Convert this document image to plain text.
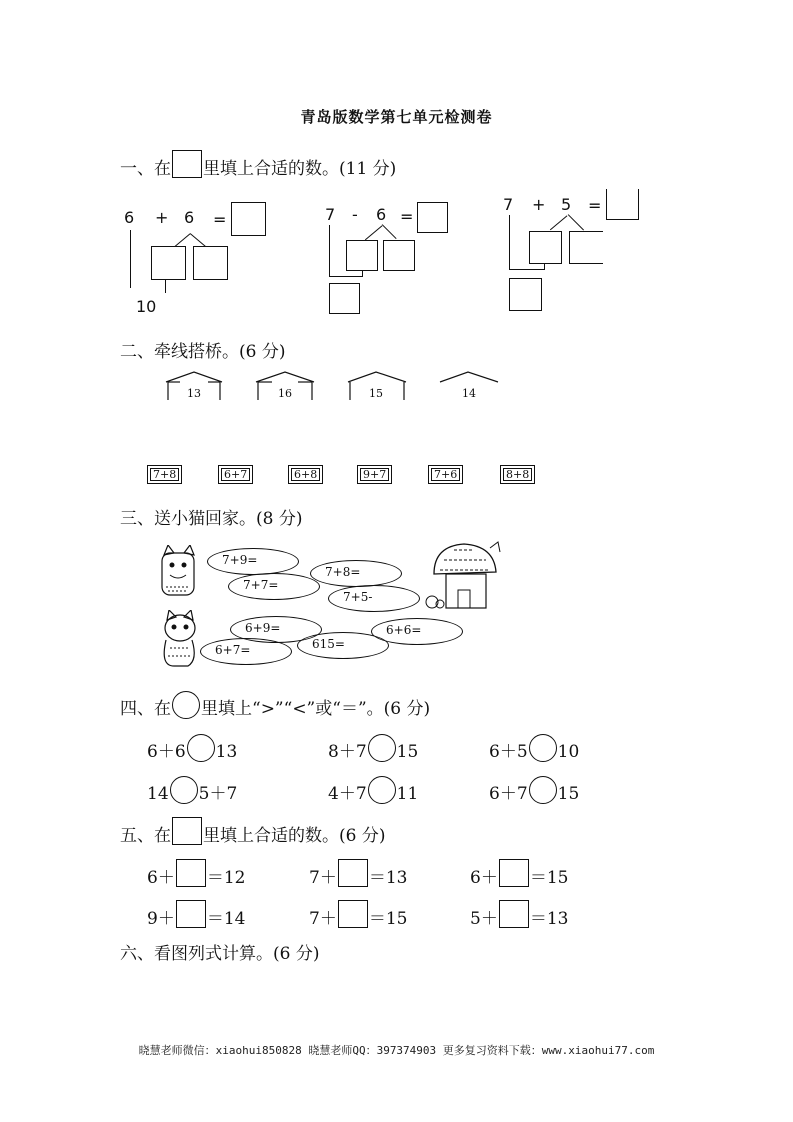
青岛版数学第七单元检测卷
一、在 里填上合适的数。(11 分)
6 + 6 =
10
7 - 6 =
7 + 5 =
二、牵线搭桥。(6 分)
13	16	15	14
7+8	6+7	6+8	9+7	7+6	8+8
三、送小猫回家。(8 分)
7+9=
7+7=
7+8=
7+5-
6+9=
6+7=	615=
6+6=
四、在 里填上“>”“<”或“＝”。(6 分)
6＋6 13	8＋7 15	6＋5 10
14 5＋7	4＋7 11	6＋7 15
五、在 里填上合适的数。(6 分)
6＋ ＝12	7＋ ＝13	6＋ ＝15
9＋ ＝14	7＋ ＝15	5＋ ＝13
六、看图列式计算。(6 分)
晓慧老师微信：xiaohui850828 晓慧老师QQ：397374903 更多复习资料下载：www.xiaohui77.com
